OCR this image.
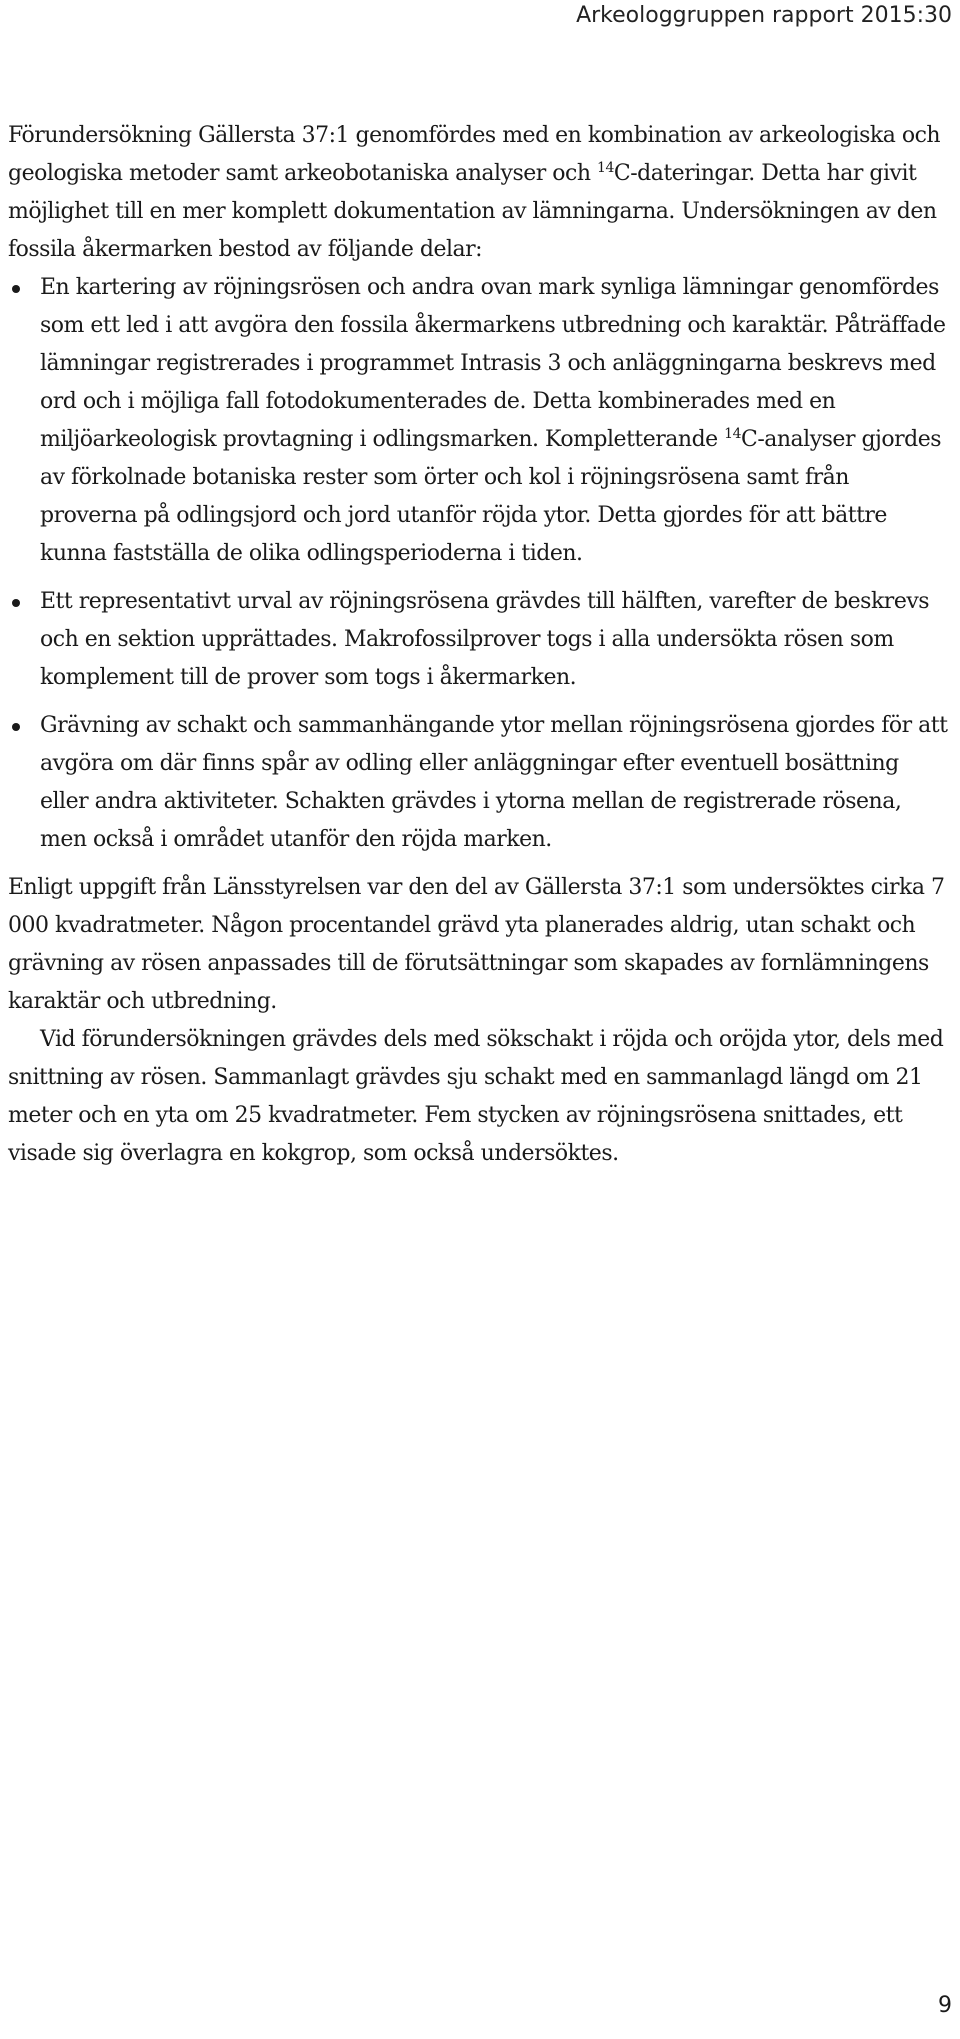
Arkeologgruppen rapport 2015:30

Förundersökning Gällersta 37:1 genomfördes med en kombination av arkeologiska och geologiska metoder samt arkeobotaniska analyser och $^{14}$C-dateringar. Detta har givit möjlighet till en mer komplett dokumentation av lämningarna. Undersökningen av den fossila åkermarken bestod av följande delar:

En kartering av röjningsrösen och andra ovan mark synliga lämningar genomfördes som ett led i att avgöra den fossila åkermarkens utbredning och karaktär. Påträffade lämningar registrerades i programmet Intrasis 3 och anläggningarna beskrevs med ord och i möjliga fall fotodokumenterades de. Detta kombinerades med en miljöarkeologisk provtagning i odlingsmarken. Kompletterande $^{14}$C-analyser gjordes av förkolnade botaniska rester som örter och kol i röjningsrösena samt från proverna på odlingsjord och jord utanför röjda ytor. Detta gjordes för att bättre kunna fastställa de olika odlingsperioderna i tiden.
Ett representativt urval av röjningsrösena grävdes till hälften, varefter de beskrevs och en sektion upprättades. Makrofossilprover togs i alla undersökta rösen som komplement till de prover som togs i åkermarken.
Grävning av schakt och sammanhängande ytor mellan röjningsrösena gjordes för att avgöra om där finns spår av odling eller anläggningar efter eventuell bosättning eller andra aktiviteter. Schakten grävdes i ytorna mellan de registrerade rösena, men också i området utanför den röjda marken.

Enligt uppgift från Länsstyrelsen var den del av Gällersta 37:1 som undersöktes cirka 7 000 kvadratmeter. Någon procentandel grävd yta planerades aldrig, utan schakt och grävning av rösen anpassades till de förutsättningar som skapades av fornlämningens karaktär och utbredning.

Vid förundersökningen grävdes dels med sökschakt i röjda och oröjda ytor, dels med snittning av rösen. Sammanlagt grävdes sju schakt med en sammanlagd längd om 21 meter och en yta om 25 kvadratmeter. Fem stycken av röjningsrösena snittades, ett visade sig överlagra en kokgrop, som också undersöktes.

9
